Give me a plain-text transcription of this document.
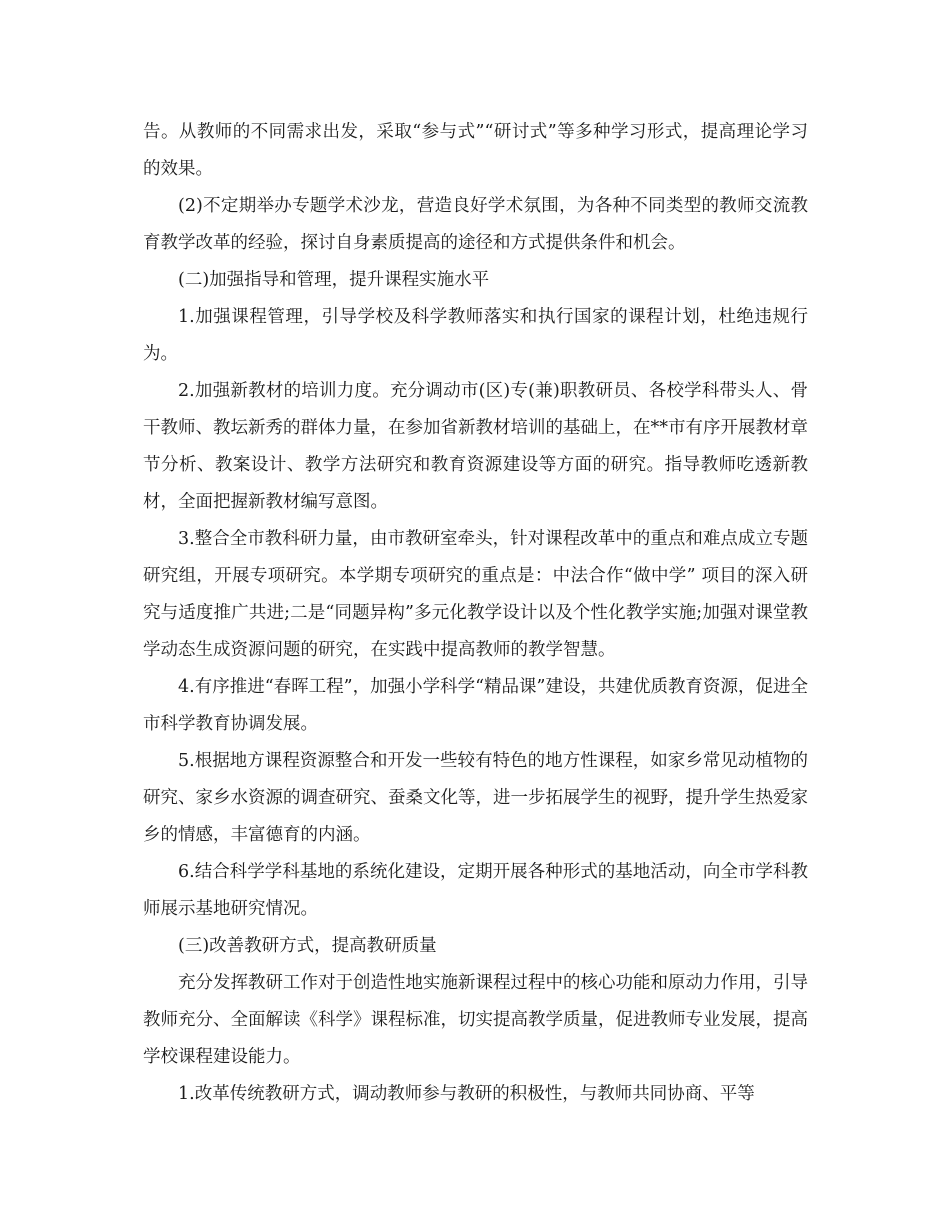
告。从教师的不同需求出发，采取“参与式”“研讨式”等多种学习形式，提高理论学习的效果。

(2)不定期举办专题学术沙龙，营造良好学术氛围，为各种不同类型的教师交流教育教学改革的经验，探讨自身素质提高的途径和方式提供条件和机会。

(二)加强指导和管理，提升课程实施水平

1.加强课程管理，引导学校及科学教师落实和执行国家的课程计划，杜绝违规行为。

2.加强新教材的培训力度。充分调动市(区)专(兼)职教研员、各校学科带头人、骨干教师、教坛新秀的群体力量，在参加省新教材培训的基础上，在**市有序开展教材章节分析、教案设计、教学方法研究和教育资源建设等方面的研究。指导教师吃透新教材，全面把握新教材编写意图。

3.整合全市教科研力量，由市教研室牵头，针对课程改革中的重点和难点成立专题研究组，开展专项研究。本学期专项研究的重点是：中法合作“做中学” 项目的深入研究与适度推广共进;二是“同题异构”多元化教学设计以及个性化教学实施;加强对课堂教学动态生成资源问题的研究，在实践中提高教师的教学智慧。

4.有序推进“春晖工程”，加强小学科学“精品课”建设，共建优质教育资源，促进全市科学教育协调发展。

5.根据地方课程资源整合和开发一些较有特色的地方性课程，如家乡常见动植物的研究、家乡水资源的调查研究、蚕桑文化等，进一步拓展学生的视野，提升学生热爱家乡的情感，丰富德育的内涵。

6.结合科学学科基地的系统化建设，定期开展各种形式的基地活动，向全市学科教师展示基地研究情况。

(三)改善教研方式，提高教研质量

充分发挥教研工作对于创造性地实施新课程过程中的核心功能和原动力作用，引导教师充分、全面解读《科学》课程标准，切实提高教学质量，促进教师专业发展，提高学校课程建设能力。

1.改革传统教研方式，调动教师参与教研的积极性，与教师共同协商、平等
